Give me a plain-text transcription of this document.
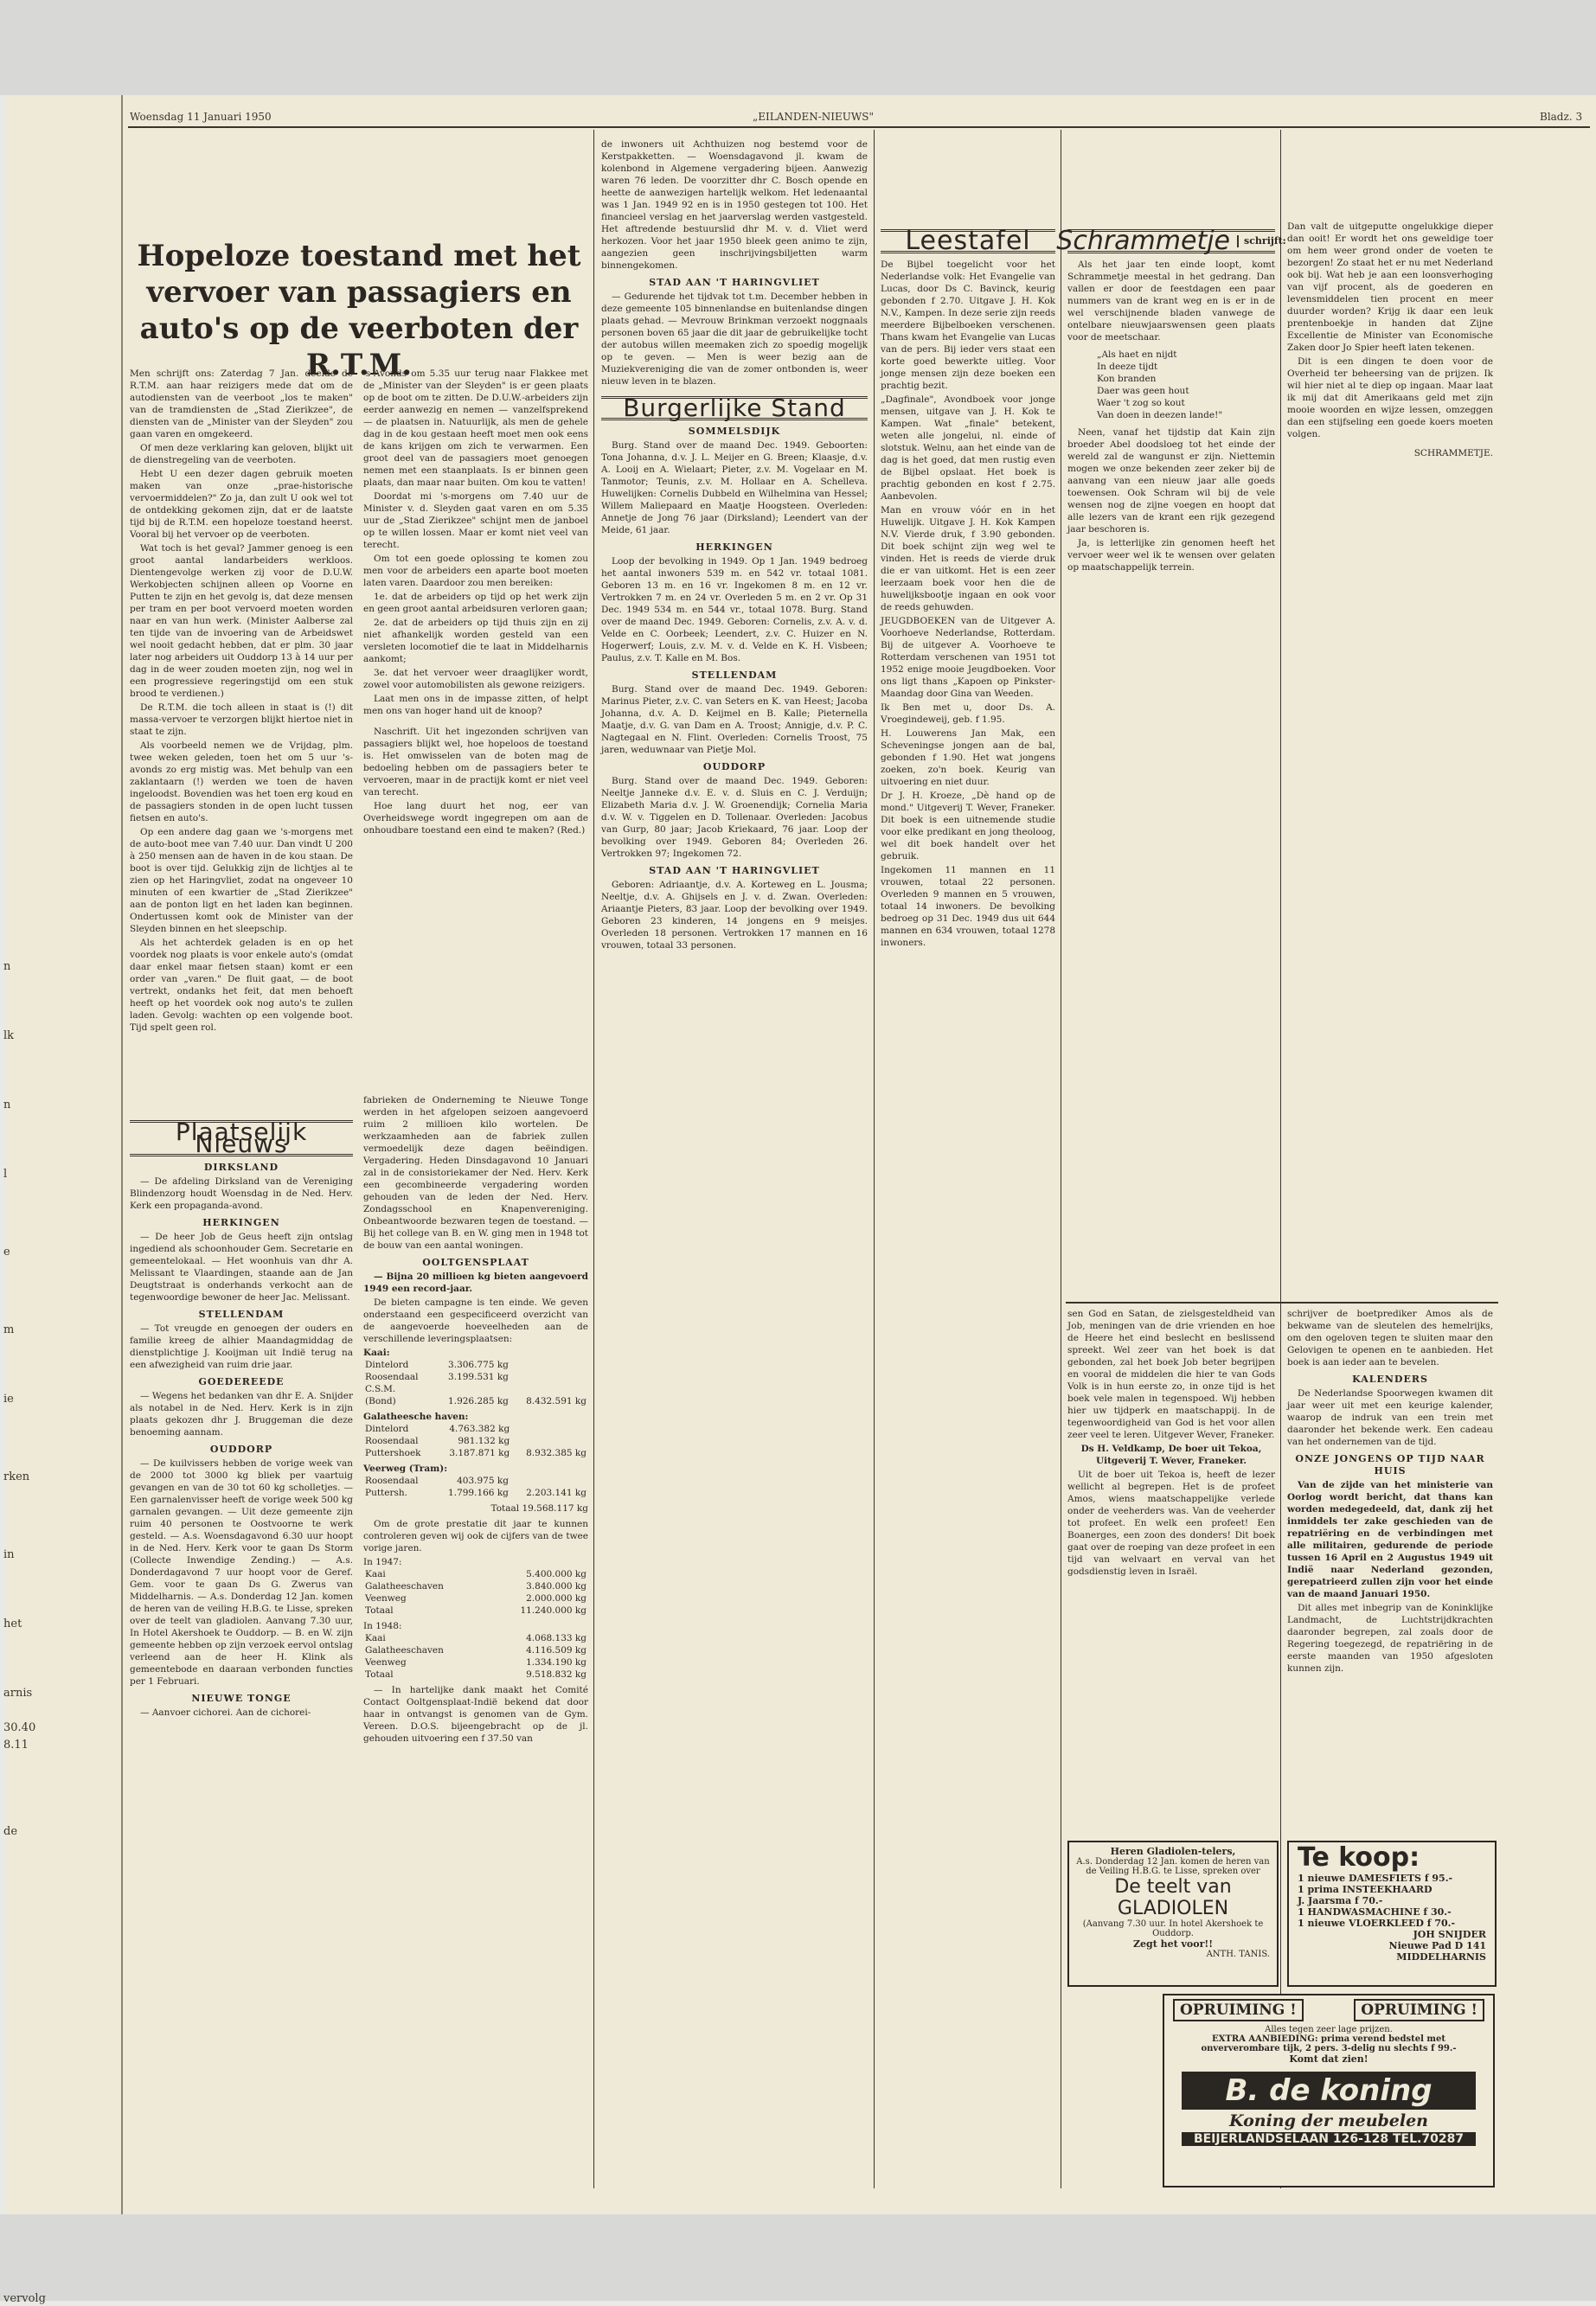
n
lk
n
l
e
m
ie
rken
in
het
arnis
30.40
8.11
de
vervolg
Woensdag 11 Januari 1950	„EILANDEN-NIEUWS"	Bladz. 3
Hopeloze toestand met het vervoer van passagiers en auto's op de veerboten der R.T.M.

Men schrijft ons: Zaterdag 7 Jan. deelde de R.T.M. aan haar reizigers mede dat om de autodiensten van de veerboot „los te maken" van de tramdiensten de „Stad Zierikzee", de diensten van de „Minister van der Sleyden" zou gaan varen en omgekeerd.

Of men deze verklaring kan geloven, blijkt uit de dienstregeling van de veerboten.

Hebt U een dezer dagen gebruik moeten maken van onze „prae-historische vervoermiddelen?" Zo ja, dan zult U ook wel tot de ontdekking gekomen zijn, dat er de laatste tijd bij de R.T.M. een hopeloze toestand heerst. Vooral bij het vervoer op de veerboten.

Wat toch is het geval? Jammer genoeg is een groot aantal landarbeiders werkloos. Dientengevolge werken zij voor de D.U.W. Werkobjecten schijnen alleen op Voorne en Putten te zijn en het gevolg is, dat deze mensen per tram en per boot vervoerd moeten worden naar en van hun werk. (Minister Aalberse zal ten tijde van de invoering van de Arbeidswet wel nooit gedacht hebben, dat er plm. 30 jaar later nog arbeiders uit Ouddorp 13 à 14 uur per dag in de weer zouden moeten zijn, nog wel in een progressieve regeringstijd om een stuk brood te verdienen.)

De R.T.M. die toch alleen in staat is (!) dit massa-vervoer te verzorgen blijkt hiertoe niet in staat te zijn.

Als voorbeeld nemen we de Vrijdag, plm. twee weken geleden, toen het om 5 uur 's-avonds zo erg mistig was. Met behulp van een zaklantaarn (!) werden we toen de haven ingeloodst. Bovendien was het toen erg koud en de passagiers stonden in de open lucht tussen fietsen en auto's.

Op een andere dag gaan we 's-morgens met de auto-boot mee van 7.40 uur. Dan vindt U 200 à 250 mensen aan de haven in de kou staan. De boot is over tijd. Gelukkig zijn de lichtjes al te zien op het Haringvliet, zodat na ongeveer 10 minuten of een kwartier de „Stad Zierikzee" aan de ponton ligt en het laden kan beginnen. Ondertussen komt ook de Minister van der Sleyden binnen en het sleepschip.

Als het achterdek geladen is en op het voordek nog plaats is voor enkele auto's (omdat daar enkel maar fietsen staan) komt er een order van „varen." De fluit gaat, — de boot vertrekt, ondanks het feit, dat men behoeft heeft op het voordek ook nog auto's te zullen laden. Gevolg: wachten op een volgende boot. Tijd spelt geen rol.

's-Avonds om 5.35 uur terug naar Flakkee met de „Minister van der Sleyden" is er geen plaats op de boot om te zitten. De D.U.W.-arbeiders zijn eerder aanwezig en nemen — vanzelfsprekend — de plaatsen in. Natuurlijk, als men de gehele dag in de kou gestaan heeft moet men ook eens de kans krijgen om zich te verwarmen. Een groot deel van de passagiers moet genoegen nemen met een staanplaats. Is er binnen geen plaats, dan maar naar buiten. Om kou te vatten!

Doordat mi 's-morgens om 7.40 uur de Minister v. d. Sleyden gaat varen en om 5.35 uur de „Stad Zierikzee" schijnt men de janboel op te willen lossen. Maar er komt niet veel van terecht.

Om tot een goede oplossing te komen zou men voor de arbeiders een aparte boot moeten laten varen. Daardoor zou men bereiken:

1e. dat de arbeiders op tijd op het werk zijn en geen groot aantal arbeidsuren verloren gaan;

2e. dat de arbeiders op tijd thuis zijn en zij niet afhankelijk worden gesteld van een versleten locomotief die te laat in Middelharnis aankomt;

3e. dat het vervoer weer draaglijker wordt, zowel voor automobilisten als gewone reizigers.

Laat men ons in de impasse zitten, of helpt men ons van hoger hand uit de knoop?

Naschrift. Uit het ingezonden schrijven van passagiers blijkt wel, hoe hopeloos de toestand is. Het omwisselen van de boten mag de bedoeling hebben om de passagiers beter te vervoeren, maar in de practijk komt er niet veel van terecht.

Hoe lang duurt het nog, eer van Overheidswege wordt ingegrepen om aan de onhoudbare toestand een eind te maken? (Red.)

Plaatselijk Nieuws
DIRKSLAND

— De afdeling Dirksland van de Vereniging Blindenzorg houdt Woensdag in de Ned. Herv. Kerk een propaganda-avond.

HERKINGEN

— De heer Job de Geus heeft zijn ontslag ingediend als schoonhouder Gem. Secretarie en gemeentelokaal. — Het woonhuis van dhr A. Melissant te Vlaardingen, staande aan de Jan Deugtstraat is onderhands verkocht aan de tegenwoordige bewoner de heer Jac. Melissant.

STELLENDAM

— Tot vreugde en genoegen der ouders en familie kreeg de alhier Maandagmiddag de dienstplichtige J. Kooijman uit Indië terug na een afwezigheid van ruim drie jaar.

GOEDEREEDE

— Wegens het bedanken van dhr E. A. Snijder als notabel in de Ned. Herv. Kerk is in zijn plaats gekozen dhr J. Bruggeman die deze benoeming aannam.

OUDDORP

— De kuilvissers hebben de vorige week van de 2000 tot 3000 kg bliek per vaartuig gevangen en van de 30 tot 60 kg scholletjes. — Een garnalenvisser heeft de vorige week 500 kg garnalen gevangen. — Uit deze gemeente zijn ruim 40 personen te Oostvoorne te werk gesteld. — A.s. Woensdagavond 6.30 uur hoopt in de Ned. Herv. Kerk voor te gaan Ds Storm (Collecte Inwendige Zending.) — A.s. Donderdagavond 7 uur hoopt voor de Geref. Gem. voor te gaan Ds G. Zwerus van Middelharnis. — A.s. Donderdag 12 Jan. komen de heren van de veiling H.B.G. te Lisse, spreken over de teelt van gladiolen. Aanvang 7.30 uur, In Hotel Akershoek te Ouddorp. — B. en W. zijn gemeente hebben op zijn verzoek eervol ontslag verleend aan de heer H. Klink als gemeentebode en daaraan verbonden functies per 1 Februari.

NIEUWE TONGE

— Aanvoer cichorei. Aan de cichorei-

fabrieken de Onderneming te Nieuwe Tonge werden in het afgelopen seizoen aangevoerd ruim 2 millioen kilo wortelen. De werkzaamheden aan de fabriek zullen vermoedelijk deze dagen beëindigen. Vergadering. Heden Dinsdagavond 10 Januari zal in de consistoriekamer der Ned. Herv. Kerk een gecombineerde vergadering worden gehouden van de leden der Ned. Herv. Zondagsschool en Knapenvereniging. Onbeantwoorde bezwaren tegen de toestand. — Bij het college van B. en W. ging men in 1948 tot de bouw van een aantal woningen.

OOLTGENSPLAAT

— Bijna 20 millioen kg bieten aangevoerd 1949 een record-jaar.

De bieten campagne is ten einde. We geven onderstaand een gespecificeerd overzicht van de aangevoerde hoeveelheden aan de verschillende leveringsplaatsen:

Kaai:
Dintelord	3.306.775 kg	
Roosendaal	3.199.531 kg	
C.S.M.		
(Bond)	1.926.285 kg	8.432.591 kg
Galatheesche haven:
Dintelord	4.763.382 kg	
Roosendaal	981.132 kg	
Puttershoek	3.187.871 kg	8.932.385 kg
Veerweg (Tram):
Roosendaal	403.975 kg	
Puttersh.	1.799.166 kg	2.203.141 kg
Totaal 19.568.117 kg

Om de grote prestatie dit jaar te kunnen controleren geven wij ook de cijfers van de twee vorige jaren.

In 1947:
Kaai	5.400.000 kg
Galatheeschaven	3.840.000 kg
Veenweg	2.000.000 kg
Totaal	11.240.000 kg
In 1948:
Kaai	4.068.133 kg
Galatheeschaven	4.116.509 kg
Veenweg	1.334.190 kg
Totaal	9.518.832 kg

— In hartelijke dank maakt het Comité Contact Ooltgensplaat-Indië bekend dat door haar in ontvangst is genomen van de Gym. Vereen. D.O.S. bijeengebracht op de jl. gehouden uitvoering een f 37.50 van

de inwoners uit Achthuizen nog bestemd voor de Kerstpakketten. — Woensdagavond jl. kwam de kolenbond in Algemene vergadering bijeen. Aanwezig waren 76 leden. De voorzitter dhr C. Bosch opende en heette de aanwezigen hartelijk welkom. Het ledenaantal was 1 Jan. 1949 92 en is in 1950 gestegen tot 100. Het financieel verslag en het jaarverslag werden vastgesteld. Het aftredende bestuurslid dhr M. v. d. Vliet werd herkozen. Voor het jaar 1950 bleek geen animo te zijn, aangezien geen inschrijvingsbiljetten warm binnengekomen.

STAD AAN 'T HARINGVLIET

— Gedurende het tijdvak tot t.m. December hebben in deze gemeente 105 binnenlandse en buitenlandse dingen plaats gehad. — Mevrouw Brinkman verzoekt noggnaals personen boven 65 jaar die dit jaar de gebruikelijke tocht der autobus willen meemaken zich zo spoedig mogelijk op te geven. — Men is weer bezig aan de Muziekvereniging die van de zomer ontbonden is, weer nieuw leven in te blazen.

Burgerlijke Stand
SOMMELSDIJK

Burg. Stand over de maand Dec. 1949. Geboorten: Tona Johanna, d.v. J. L. Meijer en G. Breen; Klaasje, d.v. A. Looij en A. Wielaart; Pieter, z.v. M. Vogelaar en M. Tanmotor; Teunis, z.v. M. Hollaar en A. Schelleva. Huwelijken: Cornelis Dubbeld en Wilhelmina van Hessel; Willem Maliepaard en Maatje Hoogsteen. Overleden: Annetje de Jong 76 jaar (Dirksland); Leendert van der Meide, 61 jaar.

HERKINGEN

Loop der bevolking in 1949. Op 1 Jan. 1949 bedroeg het aantal inwoners 539 m. en 542 vr. totaal 1081. Geboren 13 m. en 16 vr. Ingekomen 8 m. en 12 vr. Vertrokken 7 m. en 24 vr. Overleden 5 m. en 2 vr. Op 31 Dec. 1949 534 m. en 544 vr., totaal 1078. Burg. Stand over de maand Dec. 1949. Geboren: Cornelis, z.v. A. v. d. Velde en C. Oorbeek; Leendert, z.v. C. Huizer en N. Hogerwerf; Louis, z.v. M. v. d. Velde en K. H. Visbeen; Paulus, z.v. T. Kalle en M. Bos.

STELLENDAM

Burg. Stand over de maand Dec. 1949. Geboren: Marinus Pieter, z.v. C. van Seters en K. van Heest; Jacoba Johanna, d.v. A. D. Keijmel en B. Kalle; Pieternella Maatje, d.v. G. van Dam en A. Troost; Annigje, d.v. P. C. Nagtegaal en N. Flint. Overleden: Cornelis Troost, 75 jaren, weduwnaar van Pietje Mol.

OUDDORP

Burg. Stand over de maand Dec. 1949. Geboren: Neeltje Janneke d.v. E. v. d. Sluis en C. J. Verduijn; Elizabeth Maria d.v. J. W. Groenendijk; Cornelia Maria d.v. W. v. Tiggelen en D. Tollenaar. Overleden: Jacobus van Gurp, 80 jaar; Jacob Kriekaard, 76 jaar. Loop der bevolking over 1949. Geboren 84; Overleden 26. Vertrokken 97; Ingekomen 72.

STAD AAN 'T HARINGVLIET

Geboren: Adriaantje, d.v. A. Korteweg en L. Jousma; Neeltje, d.v. A. Ghijsels en J. v. d. Zwan. Overleden: Ariaantje Pieters, 83 jaar. Loop der bevolking over 1949. Geboren 23 kinderen, 14 jongens en 9 meisjes. Overleden 18 personen. Vertrokken 17 mannen en 16 vrouwen, totaal 33 personen.

Leestafel

De Bijbel toegelicht voor het Nederlandse volk: Het Evangelie van Lucas, door Ds C. Bavinck, keurig gebonden f 2.70. Uitgave J. H. Kok N.V., Kampen. In deze serie zijn reeds meerdere Bijbelboeken verschenen. Thans kwam het Evangelie van Lucas van de pers. Bij ieder vers staat een korte goed bewerkte uitleg. Voor jonge mensen zijn deze boeken een prachtig bezit.

„Dagfinale", Avondboek voor jonge mensen, uitgave van J. H. Kok te Kampen. Wat „finale" betekent, weten alle jongelui, nl. einde of slotstuk. Welnu, aan het einde van de dag is het goed, dat men rustig even de Bijbel opslaat. Het boek is prachtig gebonden en kost f 2.75. Aanbevolen.

Man en vrouw vóór en in het Huwelijk. Uitgave J. H. Kok Kampen N.V. Vierde druk, f 3.90 gebonden. Dit boek schijnt zijn weg wel te vinden. Het is reeds de vierde druk die er van uitkomt. Het is een zeer leerzaam boek voor hen die de huwelijksbootje ingaan en ook voor de reeds gehuwden.

JEUGDBOEKEN van de Uitgever A. Voorhoeve Nederlandse, Rotterdam. Bij de uitgever A. Voorhoeve te Rotterdam verschenen van 1951 tot 1952 enige mooie Jeugdboeken. Voor ons ligt thans „Kapoen op Pinkster-Maandag door Gina van Weeden.

Ik Ben met u, door Ds. A. Vroegindeweij, geb. f 1.95.

H. Louwerens Jan Mak, een Scheveningse jongen aan de bal, gebonden f 1.90. Het wat jongens zoeken, zo'n boek. Keurig van uitvoering en niet duur.

Dr J. H. Kroeze, „Dè hand op de mond." Uitgeverij T. Wever, Franeker. Dit boek is een uitnemende studie voor elke predikant en jong theoloog, wel dit boek handelt over het gebruik.

Ingekomen 11 mannen en 11 vrouwen, totaal 22 personen. Overleden 9 mannen en 5 vrouwen, totaal 14 inwoners. De bevolking bedroeg op 31 Dec. 1949 dus uit 644 mannen en 634 vrouwen, totaal 1278 inwoners.

Schrammetje	schrijft:

Als het jaar ten einde loopt, komt Schrammetje meestal in het gedrang. Dan vallen er door de feestdagen een paar nummers van de krant weg en is er in de wel verschijnende bladen vanwege de ontelbare nieuwjaarswensen geen plaats voor de meetschaar.

„Als haet en nijdt
In deeze tijdt
Kon branden
Daer was geen hout
Waer 't zog so kout
Van doen in deezen lande!"

Neen, vanaf het tijdstip dat Kain zijn broeder Abel doodsloeg tot het einde der wereld zal de wangunst er zijn. Niettemin mogen we onze bekenden zeer zeker bij de aanvang van een nieuw jaar alle goeds toewensen. Ook Schram wil bij de vele wensen nog de zijne voegen en hoopt dat alle lezers van de krant een rijk gezegend jaar beschoren is.

Ja, is letterlijke zin genomen heeft het vervoer weer wel ik te wensen over gelaten op maatschappelijk terrein.

Dan valt de uitgeputte ongelukkige dieper dan ooit! Er wordt het ons geweldige toer om hem weer grond onder de voeten te bezorgen! Zo staat het er nu met Nederland ook bij. Wat heb je aan een loonsverhoging van vijf procent, als de goederen en levensmiddelen tien procent en meer duurder worden? Krijg ik daar een leuk prentenboekje in handen dat Zijne Excellentie de Minister van Economische Zaken door Jo Spier heeft laten tekenen.

Dit is een dingen te doen voor de Overheid ter beheersing van de prijzen. Ik wil hier niet al te diep op ingaan. Maar laat ik mij dat dit Amerikaans geld met zijn mooie woorden en wijze lessen, omzeggen dan een stijfseling een goede koers moeten volgen.

SCHRAMMETJE.

sen God en Satan, de zielsgesteldheid van Job, meningen van de drie vrienden en hoe de Heere het eind beslecht en beslissend spreekt. Wel zeer van het boek is dat gebonden, zal het boek Job beter begrijpen en vooral de middelen die hier te van Gods Volk is in hun eerste zo, in onze tijd is het boek vele malen in tegenspoed. Wij hebben hier uw tijdperk en maatschappij. In de tegenwoordigheid van God is het voor allen zeer veel te leren. Uitgever Wever, Franeker.

Ds H. Veldkamp, De boer uit Tekoa, Uitgeverij T. Wever, Franeker.

Uit de boer uit Tekoa is, heeft de lezer wellicht al begrepen. Het is de profeet Amos, wiens maatschappelijke verlede onder de veeherders was. Van de veeherder tot profeet. En welk een profeet! Een Boanerges, een zoon des donders! Dit boek gaat over de roeping van deze profeet in een tijd van welvaart en verval van het godsdienstig leven in Israël.

schrijver de boetprediker Amos als de bekwame van de sleutelen des hemelrijks, om den ogeloven tegen te sluiten maar den Gelovigen te openen en te aanbieden. Het boek is aan ieder aan te bevelen.

KALENDERS

De Nederlandse Spoorwegen kwamen dit jaar weer uit met een keurige kalender, waarop de indruk van een trein met daaronder het bekende werk. Een cadeau van het ondernemen van de tijd.

ONZE JONGENS OP TIJD NAAR HUIS

Van de zijde van het ministerie van Oorlog wordt bericht, dat thans kan worden medegedeeld, dat, dank zij het inmiddels ter zake geschieden van de repatriëring en de verbindingen met alle militairen, gedurende de periode tussen 16 April en 2 Augustus 1949 uit Indië naar Nederland gezonden, gerepatrieerd zullen zijn voor het einde van de maand Januari 1950.

Dit alles met inbegrip van de Koninklijke Landmacht, de Luchtstrijdkrachten daaronder begrepen, zal zoals door de Regering toegezegd, de repatriëring in de eerste maanden van 1950 afgesloten kunnen zijn.

Heren Gladiolen-telers,
A.s. Donderdag 12 Jan. komen de heren van de Veiling H.B.G. te Lisse, spreken over
De teelt van
GLADIOLEN
(Aanvang 7.30 uur. In hotel Akershoek te Ouddorp.
Zegt het voor!!
ANTH. TANIS.
Te koop:
1 nieuwe DAMESFIETS f 95.-
1 prima INSTEEKHAARD
J. Jaarsma f 70.-
1 HANDWASMACHINE f 30.-
1 nieuwe VLOERKLEED f 70.-
JOH SNIJDER
Nieuwe Pad D 141
MIDDELHARNIS
OPRUIMING !	OPRUIMING !
Alles tegen zeer lage prijzen.
EXTRA AANBIEDING: prima verend bedstel met onververombare tijk, 2 pers. 3-delig nu slechts f 99.-
Komt dat zien!
B. de koning
Koning der meubelen
BEIJERLANDSELAAN 126-128 TEL.70287
